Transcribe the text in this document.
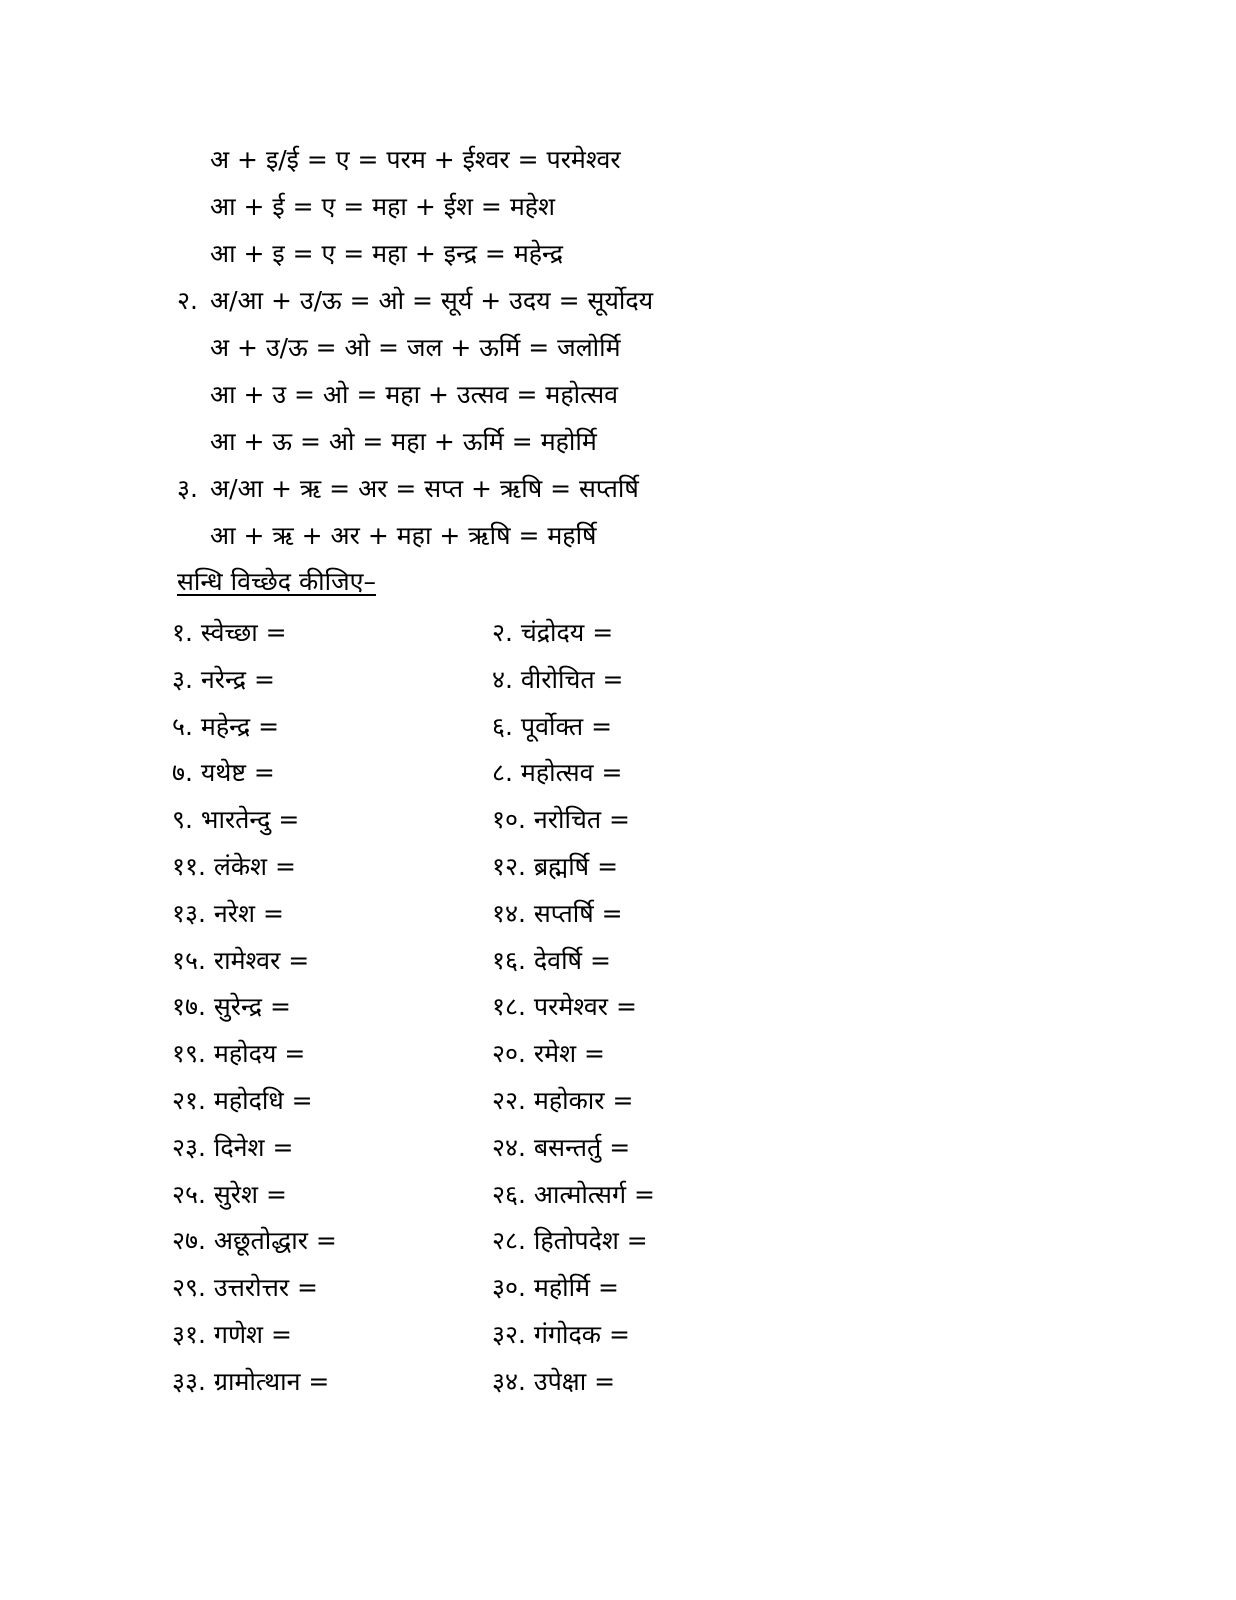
अ + इ/ई = ए = परम + ईश्वर = परमेश्वर
आ + ई = ए = महा + ईश = महेश
आ + इ = ए = महा + इन्द्र = महेन्द्र
२. अ/आ + उ/ऊ = ओ = सूर्य + उदय = सूर्योदय
अ + उ/ऊ = ओ = जल + ऊर्मि = जलोर्मि
आ + उ = ओ = महा + उत्सव = महोत्सव
आ + ऊ = ओ = महा + ऊर्मि = महोर्मि
३. अ/आ + ऋ = अर = सप्त + ऋषि = सप्तर्षि
आ + ऋ + अर + महा + ऋषि = महर्षि
सन्धि विच्छेद कीजिए–
१. स्वेच्छा =	२. चंद्रोदय =
३. नरेन्द्र =	४. वीरोचित =
५. महेन्द्र =	६. पूर्वोक्त =
७. यथेष्ट =	८. महोत्सव =
९. भारतेन्दु =	१०. नरोचित =
११. लंकेश =	१२. ब्रह्मर्षि =
१३. नरेश =	१४. सप्तर्षि =
१५. रामेश्वर =	१६. देवर्षि =
१७. सुरेन्द्र =	१८. परमेश्वर =
१९. महोदय =	२०. रमेश =
२१. महोदधि =	२२. महोकार =
२३. दिनेश =	२४. बसन्तर्तु =
२५. सुरेश =	२६. आत्मोत्सर्ग =
२७. अछूतोद्धार =	२८. हितोपदेश =
२९. उत्तरोत्तर =	३०. महोर्मि =
३१. गणेश =	३२. गंगोदक =
३३. ग्रामोत्थान =	३४. उपेक्षा =
